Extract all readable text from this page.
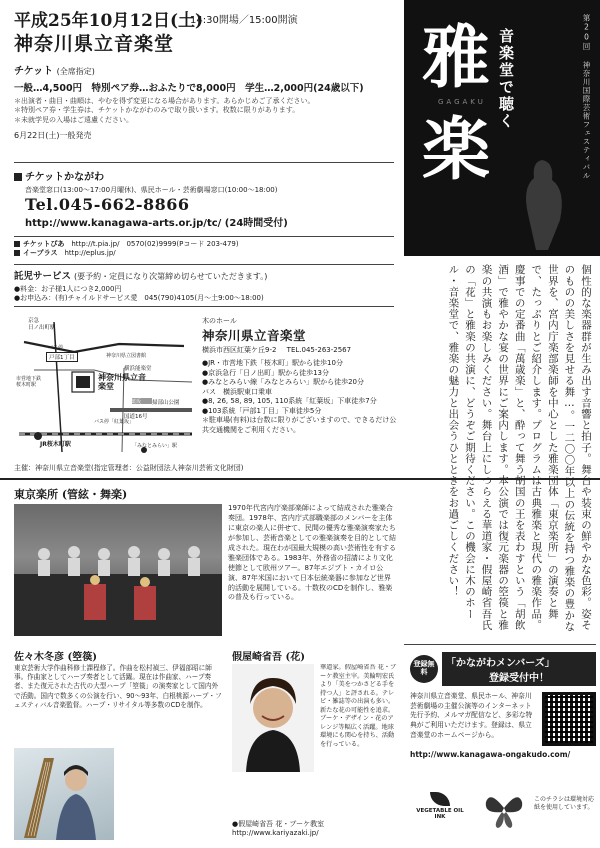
平成25年10月12日(土)
14:30開場／15:00開演
神奈川県立音楽堂
チケット (全席指定)
一般…4,500円　特別ペア券…おふたりで8,000円　学生…2,000円(24歳以下)
＊出演者・曲目・曲順は、やむを得ず変更になる場合があります。あらかじめご了承ください。
＊特別ペア券・学生券は、チケットかながわのみで取り扱います。枚数に限りがあります。
＊未就学児の入場はご遠慮ください。
6月22日(土)一般発売
チケットかながわ
音楽堂窓口(13:00〜17:00月曜休)、県民ホール・芸術劇場窓口(10:00〜18:00)
Tel.045-662-8866
http://www.kanagawa-arts.or.jp/tc/ (24時間受付)
チケットぴあ　 http://t.pia.jp/　0570(02)9999(Pコード 203-479)
イープラス　 http://eplus.jp/
託児サービス (要予約・定員になり次第締め切らせていただきます。)
●料金：お子様1人につき2,000円
●お申込み：(有)チャイルドサービス愛　045(790)4105(月〜土9:00〜18:00)
京急
日ノ出町駅
戸部1丁目
バス停
神奈川県立図書館
横浜能楽堂
神奈川県立音楽堂
紅葉坂 掃部山公園
国道16号
市営地下鉄
桜木町駅
JR桜木町駅
バス停「紅葉坂」
「みなとみらい」駅
木のホール
神奈川県立音楽堂
横浜市西区紅葉ケ丘9-2 TEL.045-263-2567
●JR・市営地下鉄「桜木町」駅から徒歩10分
●京浜急行「日ノ出町」駅から徒歩13分
●みなとみらい線「みなとみらい」駅から徒歩20分
バス　横浜駅東口乗車
●8, 26, 58, 89, 105, 110系統「紅葉坂」下車徒歩7分
●103系統「戸部1丁目」下車徒歩5分
＊駐車場(有料)は台数に限りがございますので、できるだけ公共交通機関をご利用ください。
主催：神奈川県立音楽堂(指定管理者：公益財団法人神奈川芸術文化財団)
東京楽所 (管絃・舞楽)
1970年代宮内庁楽部楽師によって結成された雅楽合奏団。1978年、宮内庁式部職楽部のメンバーを主体に東京の楽人に併せて、民間の優秀な雅楽演奏家たちが参加し、芸術音楽としての雅楽演奏を目的として結成された。現在わが国最大規模の高い芸術性を有する雅楽団体である。1983年、外務省の招請により文化使節として欧州ツアー。87年エジプト・カイロ公演、87年米国において日本伝統楽器に参加など世界的活動を展開している。十数枚のCDを制作し、雅楽の普及も行っている。
佐々木冬彦 (箜篌)
東京芸術大学作曲科修士課程修了。作曲を松村禎三、伊福部昭に師事。作曲家としてハープ奏者として活躍。現在は作曲家、ハープ奏者、また復元された古代の大型ハープ「箜篌」の演奏家として国内外で活動。国内で数多くの公演を行い、90〜93年、白根桃源ハープ・フェスティバル音楽監督。ハープ・リサイタル等多数のCDを制作。
假屋崎省吾 (花)
華道家。假屋崎省吾 花・ブーケ教室主宰。美輪明宏氏より「美をつかさどる手を持つ人」と評される。テレビ・雑誌等の出演も多い。新たな花の可能性を追求。ブーケ・デザイン・花のアレンジ等幅広く活躍。地球環境にも関心を持ち、活動を行っている。
●假屋崎省吾 花・ブーケ教室
http://www.kariyazaki.jp/
第20回 神奈川国際芸術フェスティバル
音楽堂で聴く
雅
GAGAKU
楽
個性的な楽器群が生み出す音響と拍子。舞台や装束の鮮やかな色彩。姿そのものの美しさを見せる舞…。一二〇〇年以上の伝統を持つ雅楽の豊かな世界を、宮内庁楽部楽師を中心とした雅楽団体「東京楽所」の演奏と舞で、たっぷりとご紹介します。プログラムは古典雅楽と現代の雅楽作品。慶事での定番曲「萬歳楽」と、酔って舞う胡国の王を表わすという「胡飲酒」で雅やかな宴の世界にご案内します。本公演では復元楽器の箜篌と雅楽の共演もお楽しみください。舞台上にしつらえる華道家・假屋崎省吾氏の「花」と雅楽の共演に、どうぞご期待ください。この機会に木のホール・音楽堂で、雅楽の魅力と出会うひとときをお過ごしください！
登録無料
「かながわメンバーズ」
登録受付中！
神奈川県立音楽堂、県民ホール、神奈川芸術劇場の主催公演等のインターネット先行予約、メルマガ配信など、多彩な特典がご利用いただけます。登録は、県立音楽堂のホームページから。
http://www.kanagawa-ongakudo.com/
VEGETABLE OIL INK
このチラシは環境対応紙を使用しています。
